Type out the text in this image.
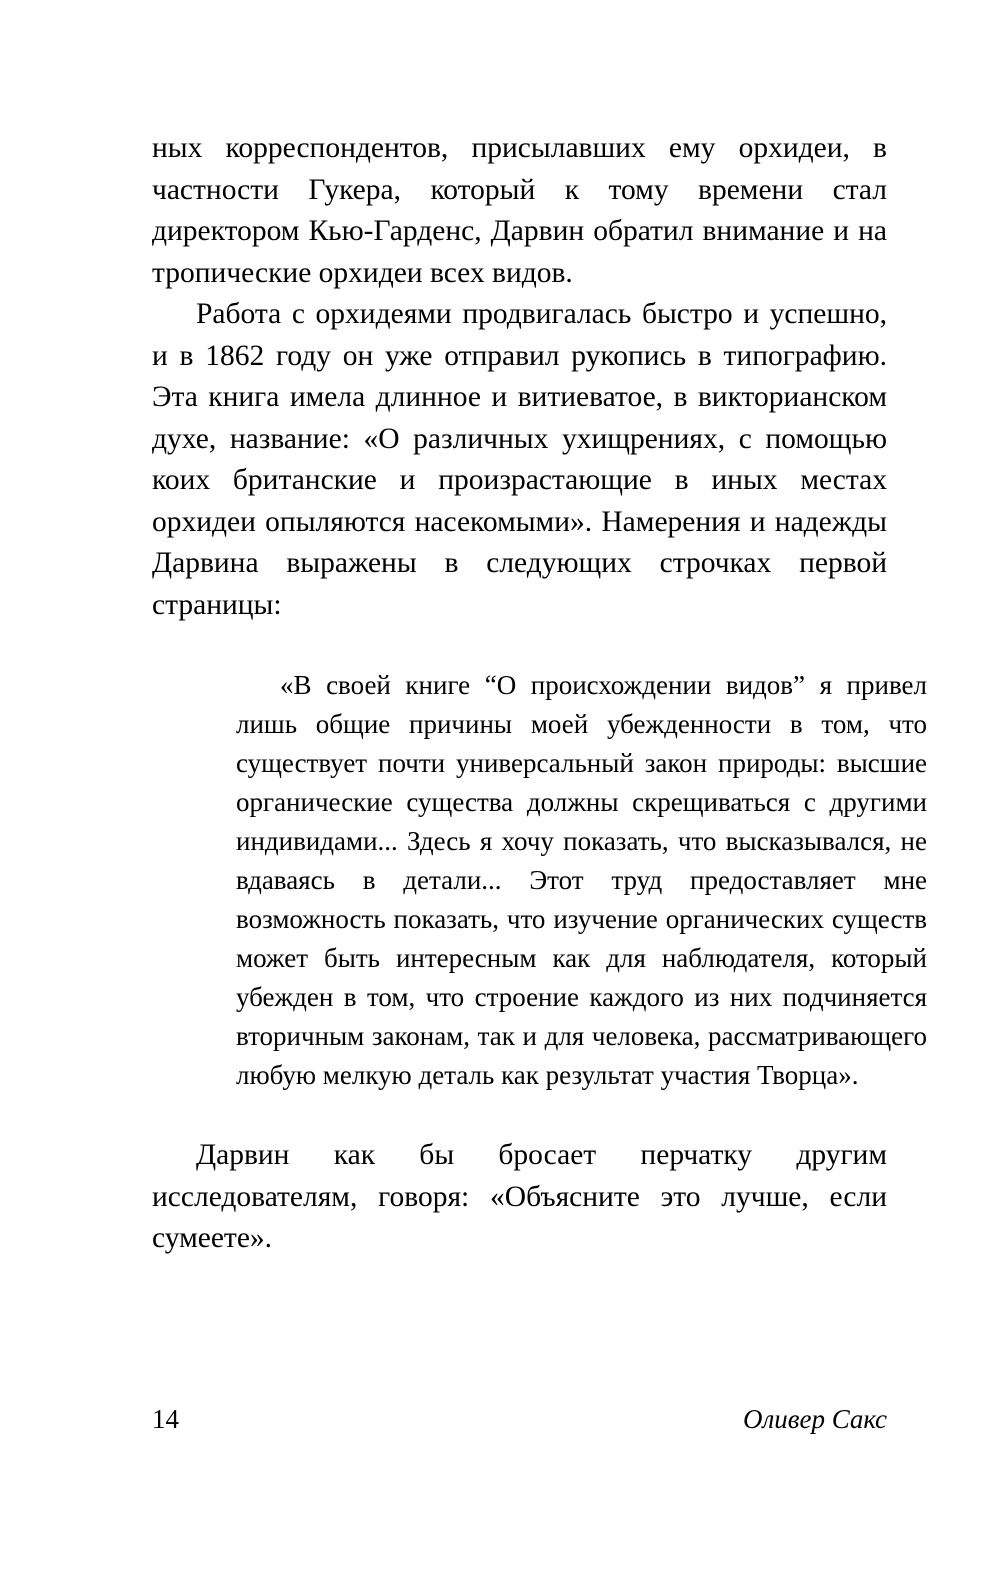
ных корреспондентов, присылавших ему орхидеи, в частности Гукера, который к тому времени стал директором Кью-Гарденс, Дарвин обратил внимание и на тропические орхидеи всех видов.

Работа с орхидеями продвигалась быстро и успешно, и в 1862 году он уже отправил рукопись в типографию. Эта книга имела длинное и витиеватое, в викторианском духе, название: «О различных ухищрениях, с помощью коих британские и произрастающие в иных местах орхидеи опыляются насекомыми». Намерения и надежды Дарвина выражены в следующих строчках первой страницы:

«В своей книге “О происхождении видов” я привел лишь общие причины моей убежденности в том, что существует почти универсальный закон природы: высшие органические существа должны скрещиваться с другими индивидами... Здесь я хочу показать, что высказывался, не вдаваясь в детали... Этот труд предоставляет мне возможность показать, что изучение органических существ может быть интересным как для наблюдателя, который убежден в том, что строение каждого из них подчиняется вторичным законам, так и для человека, рассматривающего любую мелкую деталь как результат участия Творца».

Дарвин как бы бросает перчатку другим исследователям, говоря: «Объясните это лучше, если сумеете».

14	Оливер Сакс
